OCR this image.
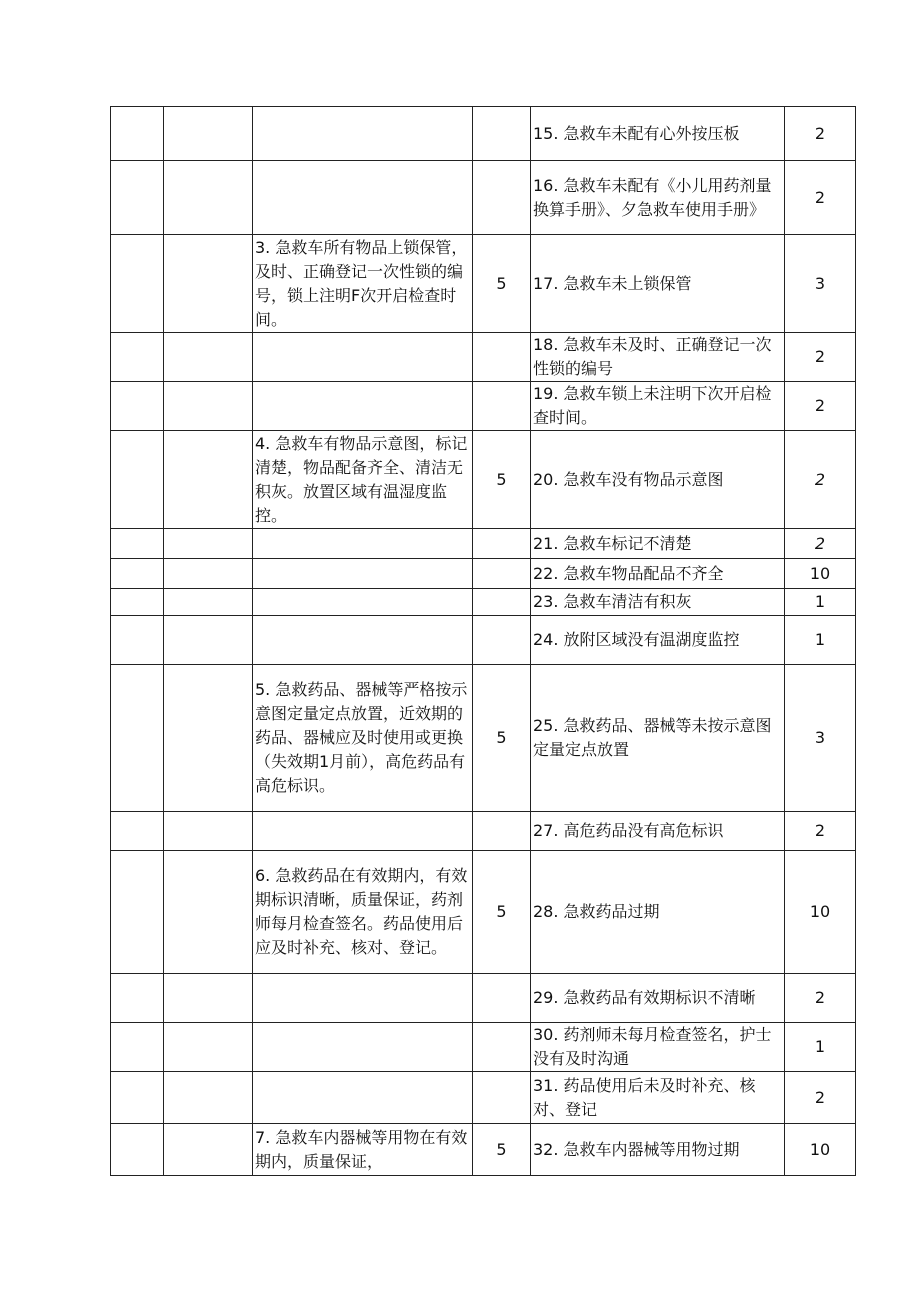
				15. 急救车未配有心外按压板	2
				16. 急救车未配有《小儿用药剂量换算手册》、夕急救车使用手册》	2
		3. 急救车所有物品上锁保管，及时、正确登记一次性锁的编号，锁上注明F次开启检查时间。	5	17. 急救车未上锁保管	3
				18. 急救车未及时、正确登记一次性锁的编号	2
				19. 急救车锁上未注明下次开启检查时间。	2
		4. 急救车有物品示意图，标记清楚，物品配备齐全、清洁无积灰。放置区域有温湿度监控。	5	20. 急救车没有物品示意图	2
				21. 急救车标记不清楚	2
				22. 急救车物品配品不齐全	10
				23. 急救车清洁有积灰	1
				24. 放附区域没有温湖度监控	1
		5. 急救药品、器械等严格按示意图定量定点放置，近效期的药品、器械应及时使用或更换（失效期1月前），高危药品有高危标识。	5	25. 急救药品、器械等未按示意图定量定点放置	3
				27. 高危药品没有高危标识	2
		6. 急救药品在有效期内，有效期标识清晰，质量保证，药剂师每月检查签名。药品使用后应及时补充、核对、登记。	5	28. 急救药品过期	10
				29. 急救药品有效期标识不清晰	2
				30. 药剂师未每月检查签名，护士没有及时沟通	1
				31. 药品使用后未及时补充、核对、登记	2
		7. 急救车内器械等用物在有效期内，质量保证，	5	32. 急救车内器械等用物过期	10
